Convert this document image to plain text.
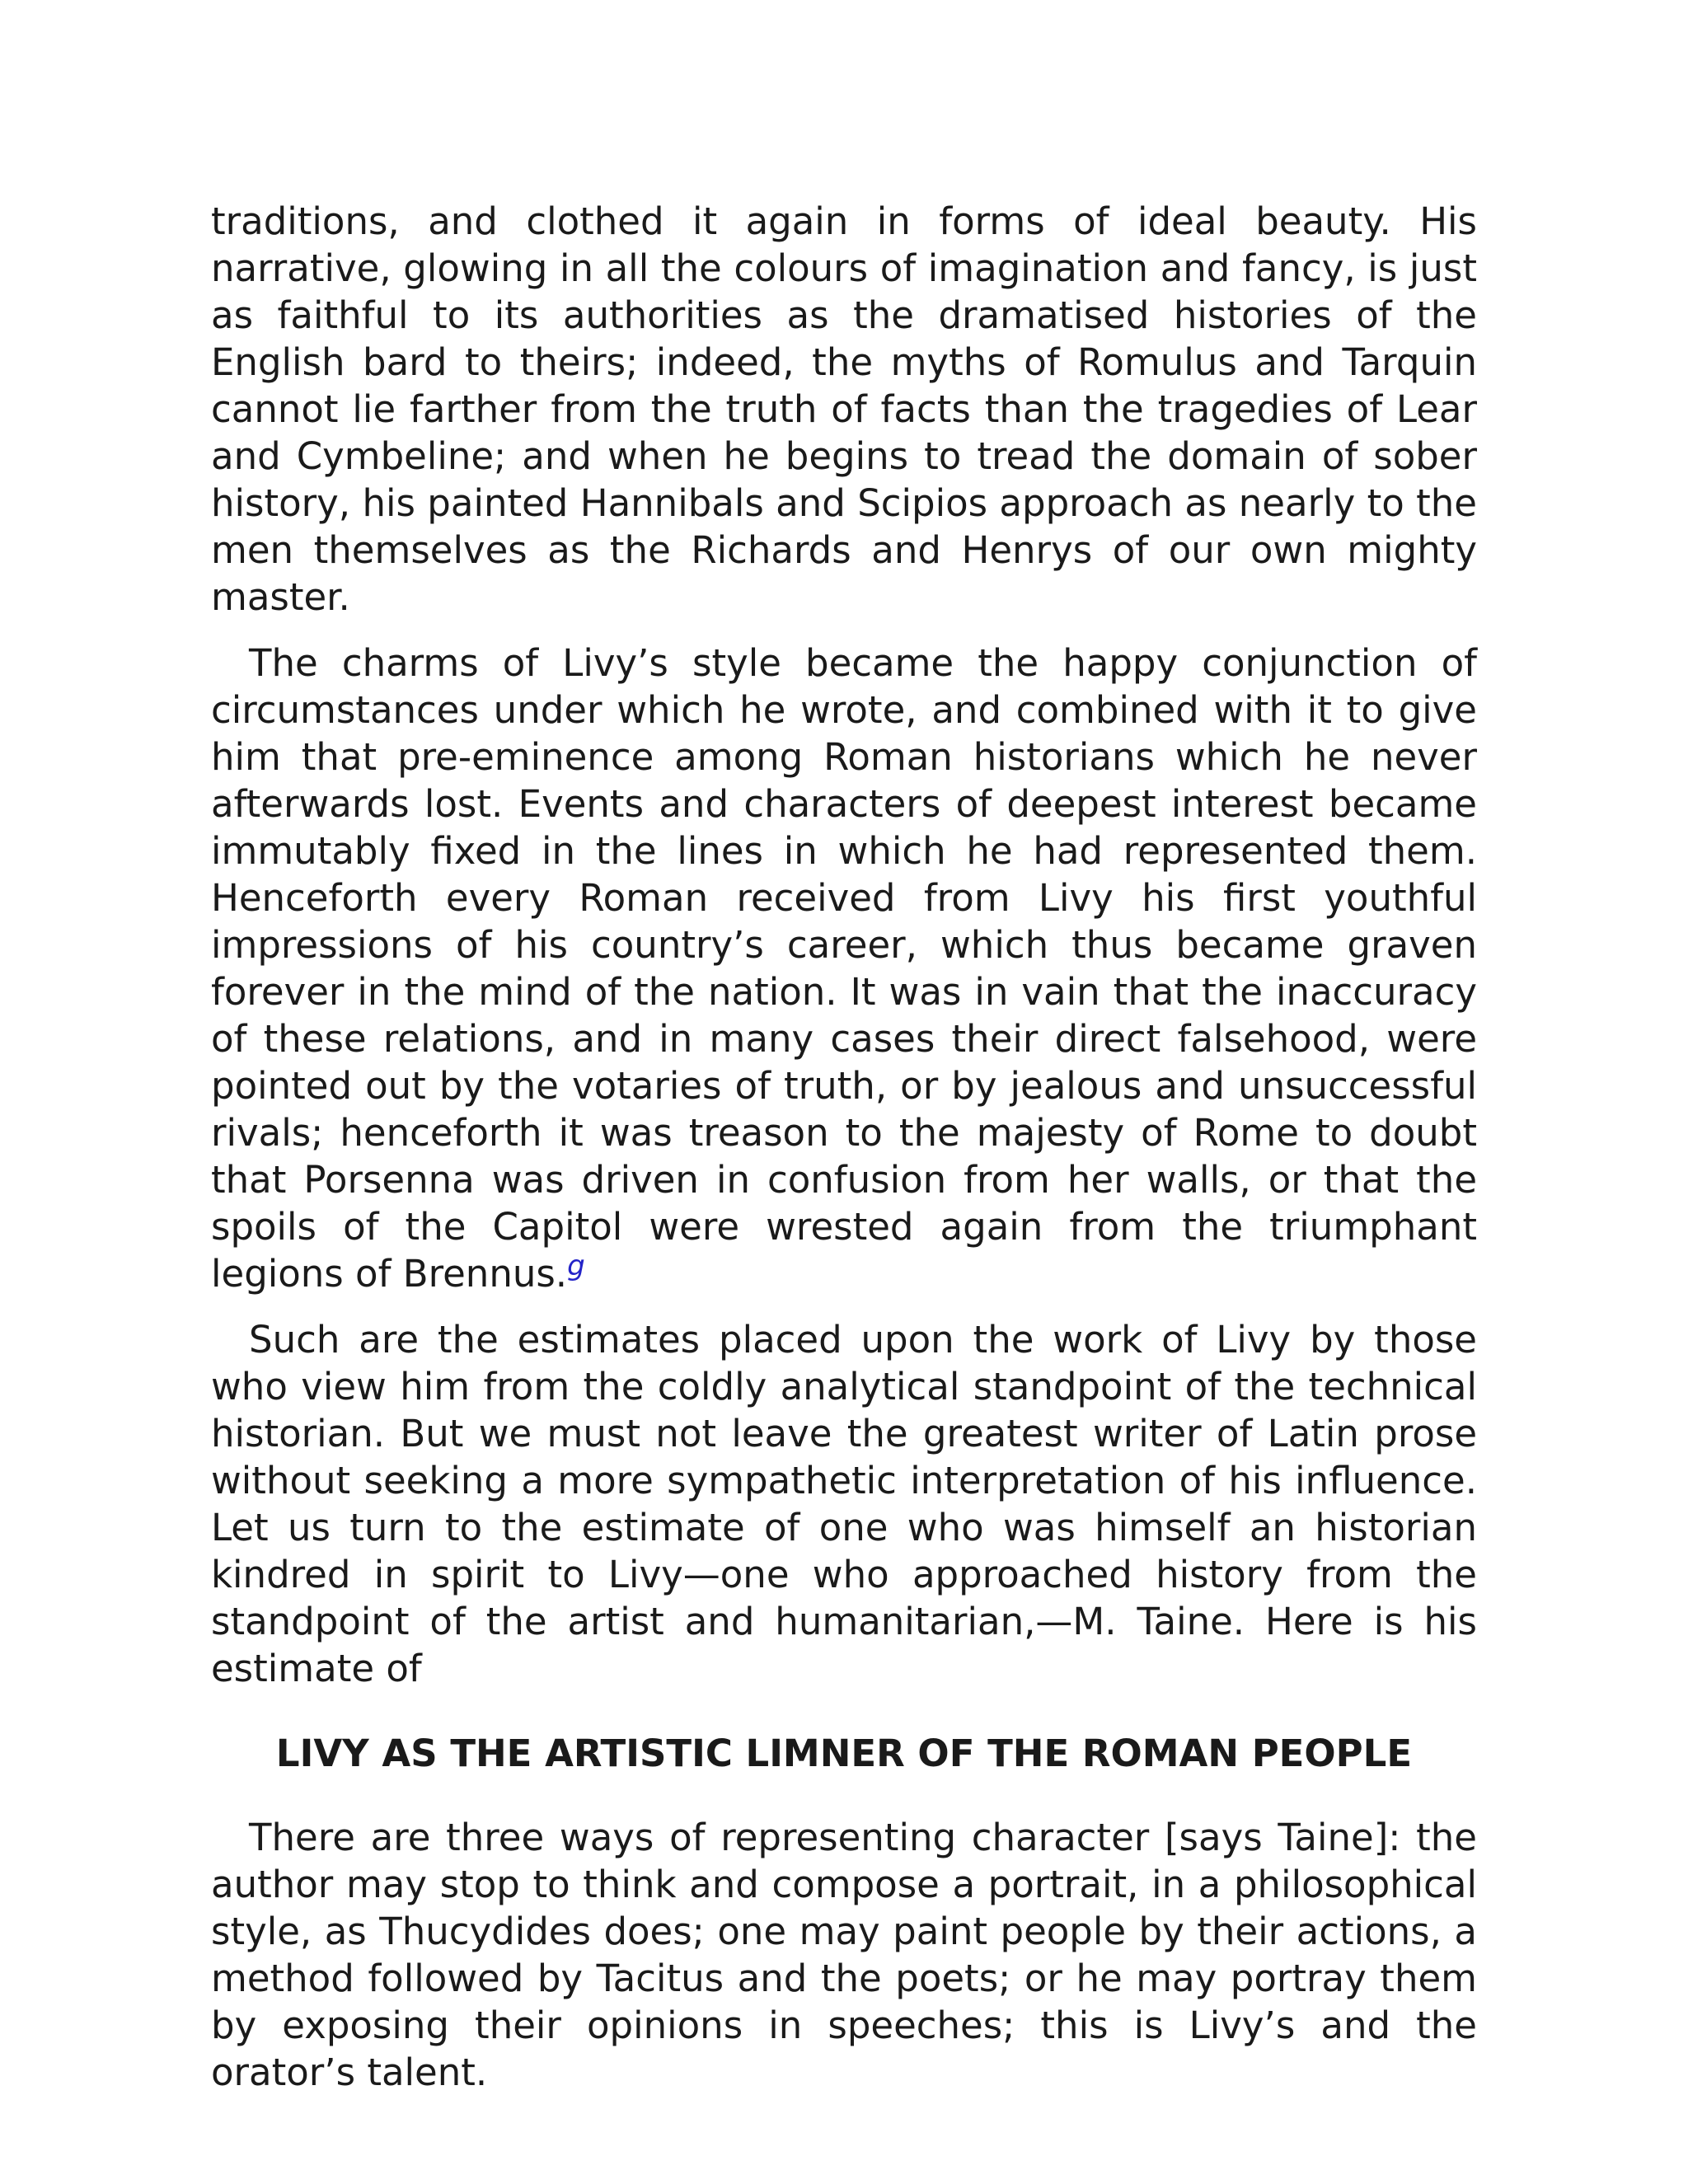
traditions, and clothed it again in forms of ideal beauty. His narrative, glowing in all the colours of imagination and fancy, is just as faithful to its authorities as the dramatised histories of the English bard to theirs; indeed, the myths of Romulus and Tarquin cannot lie farther from the truth of facts than the tragedies of Lear and Cymbeline; and when he begins to tread the domain of sober history, his painted Hannibals and Scipios approach as nearly to the men themselves as the Richards and Henrys of our own mighty master.

The charms of Livy’s style became the happy conjunction of circumstances under which he wrote, and combined with it to give him that pre-eminence among Roman historians which he never afterwards lost. Events and characters of deepest interest became immutably fixed in the lines in which he had represented them. Henceforth every Roman received from Livy his first youthful impressions of his country’s career, which thus became graven forever in the mind of the nation. It was in vain that the inaccuracy of these relations, and in many cases their direct falsehood, were pointed out by the votaries of truth, or by jealous and unsuccessful rivals; henceforth it was treason to the majesty of Rome to doubt that Porsenna was driven in confusion from her walls, or that the spoils of the Capitol were wrested again from the triumphant legions of Brennus.$^g$

Such are the estimates placed upon the work of Livy by those who view him from the coldly analytical standpoint of the technical historian. But we must not leave the greatest writer of Latin prose without seeking a more sympathetic interpretation of his influence. Let us turn to the estimate of one who was himself an historian kindred in spirit to Livy—one who approached history from the standpoint of the artist and humanitarian,—M. Taine. Here is his estimate of

LIVY AS THE ARTISTIC LIMNER OF THE ROMAN PEOPLE

There are three ways of representing character [says Taine]: the author may stop to think and compose a portrait, in a philosophical style, as Thucydides does; one may paint people by their actions, a method followed by Tacitus and the poets; or he may portray them by exposing their opinions in speeches; this is Livy’s and the orator’s talent.
